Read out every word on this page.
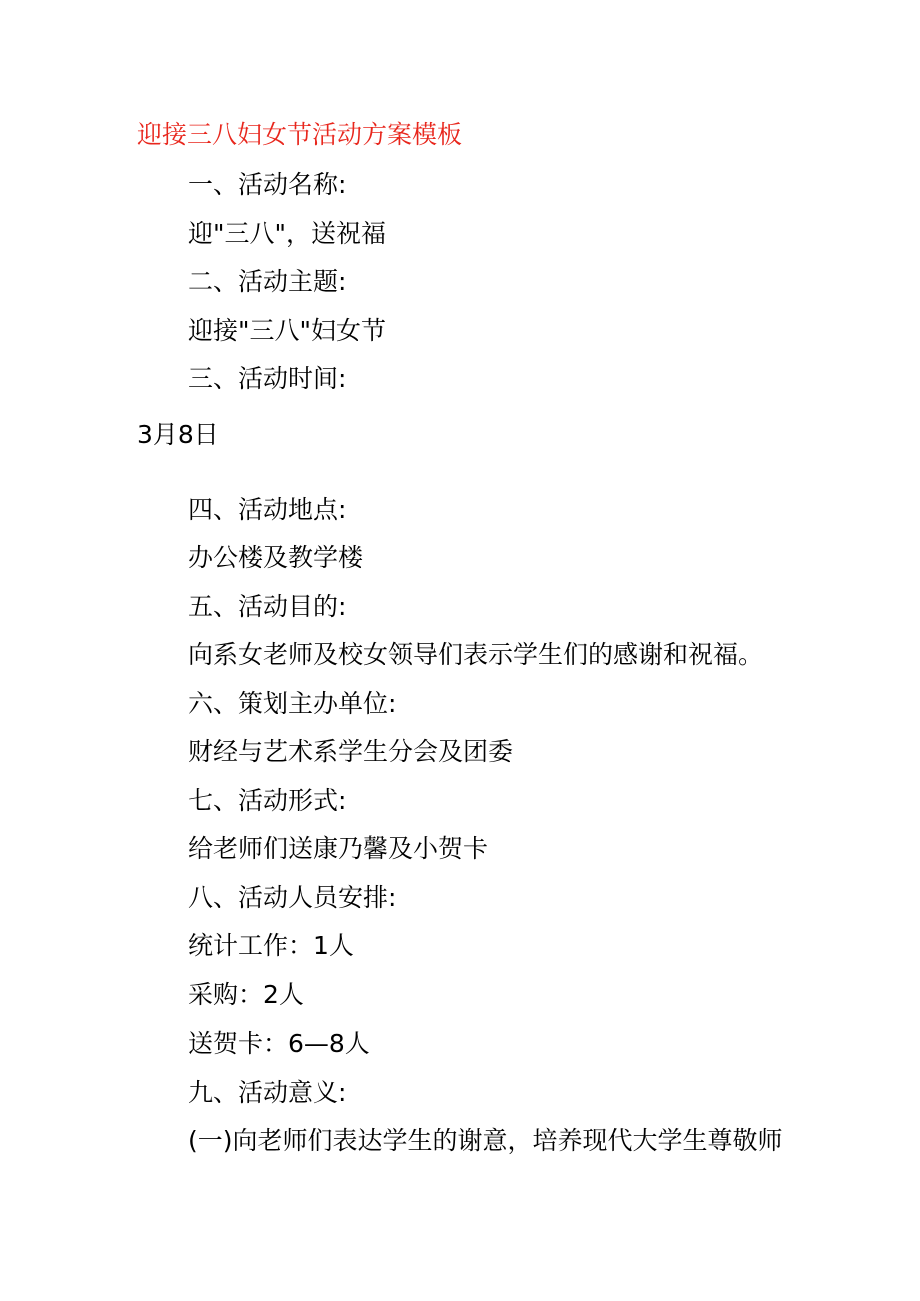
迎接三八妇女节活动方案模板
一、活动名称:
迎"三八"，送祝福
二、活动主题:
迎接"三八"妇女节
三、活动时间:
3月8日
四、活动地点:
办公楼及教学楼
五、活动目的:
向系女老师及校女领导们表示学生们的感谢和祝福。
六、策划主办单位:
财经与艺术系学生分会及团委
七、活动形式:
给老师们送康乃馨及小贺卡
八、活动人员安排:
统计工作：1人
采购：2人
送贺卡：6—8人
九、活动意义:
(一)向老师们表达学生的谢意，培养现代大学生尊敬师
